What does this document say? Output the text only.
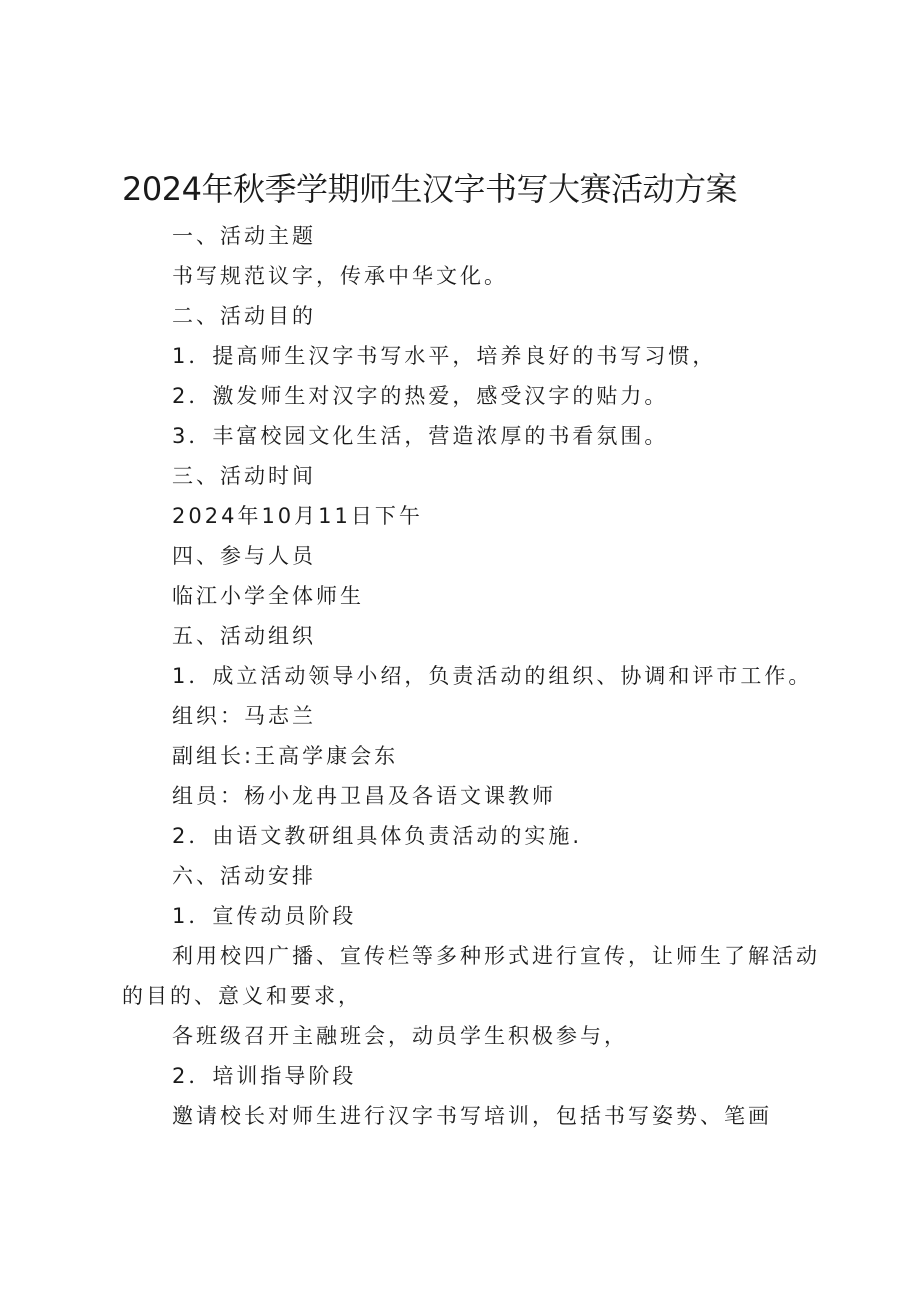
2024年秋季学期师生汉字书写大赛活动方案

一、活动主题

书写规范议字，传承中华文化。

二、活动目的

1．提高师生汉字书写水平，培养良好的书写习惯，

2．激发师生对汉字的热爱，感受汉字的贴力。

3．丰富校园文化生活，营造浓厚的书看氛围。

三、活动时间

2024年10月11日下午

四、参与人员

临江小学全体师生

五、活动组织

1．成立活动领导小绍，负责活动的组织、协调和评市工作。

组织：马志兰

副组长:王高学康会东

组员：杨小龙冉卫昌及各语文课教师

2．由语文教研组具体负责活动的实施.

六、活动安排

1．宣传动员阶段

利用校四广播、宣传栏等多种形式进行宣传，让师生了解活动

的目的、意义和要求，

各班级召开主融班会，动员学生积极参与，

2．培训指导阶段

邀请校长对师生进行汉字书写培训，包括书写姿势、笔画
